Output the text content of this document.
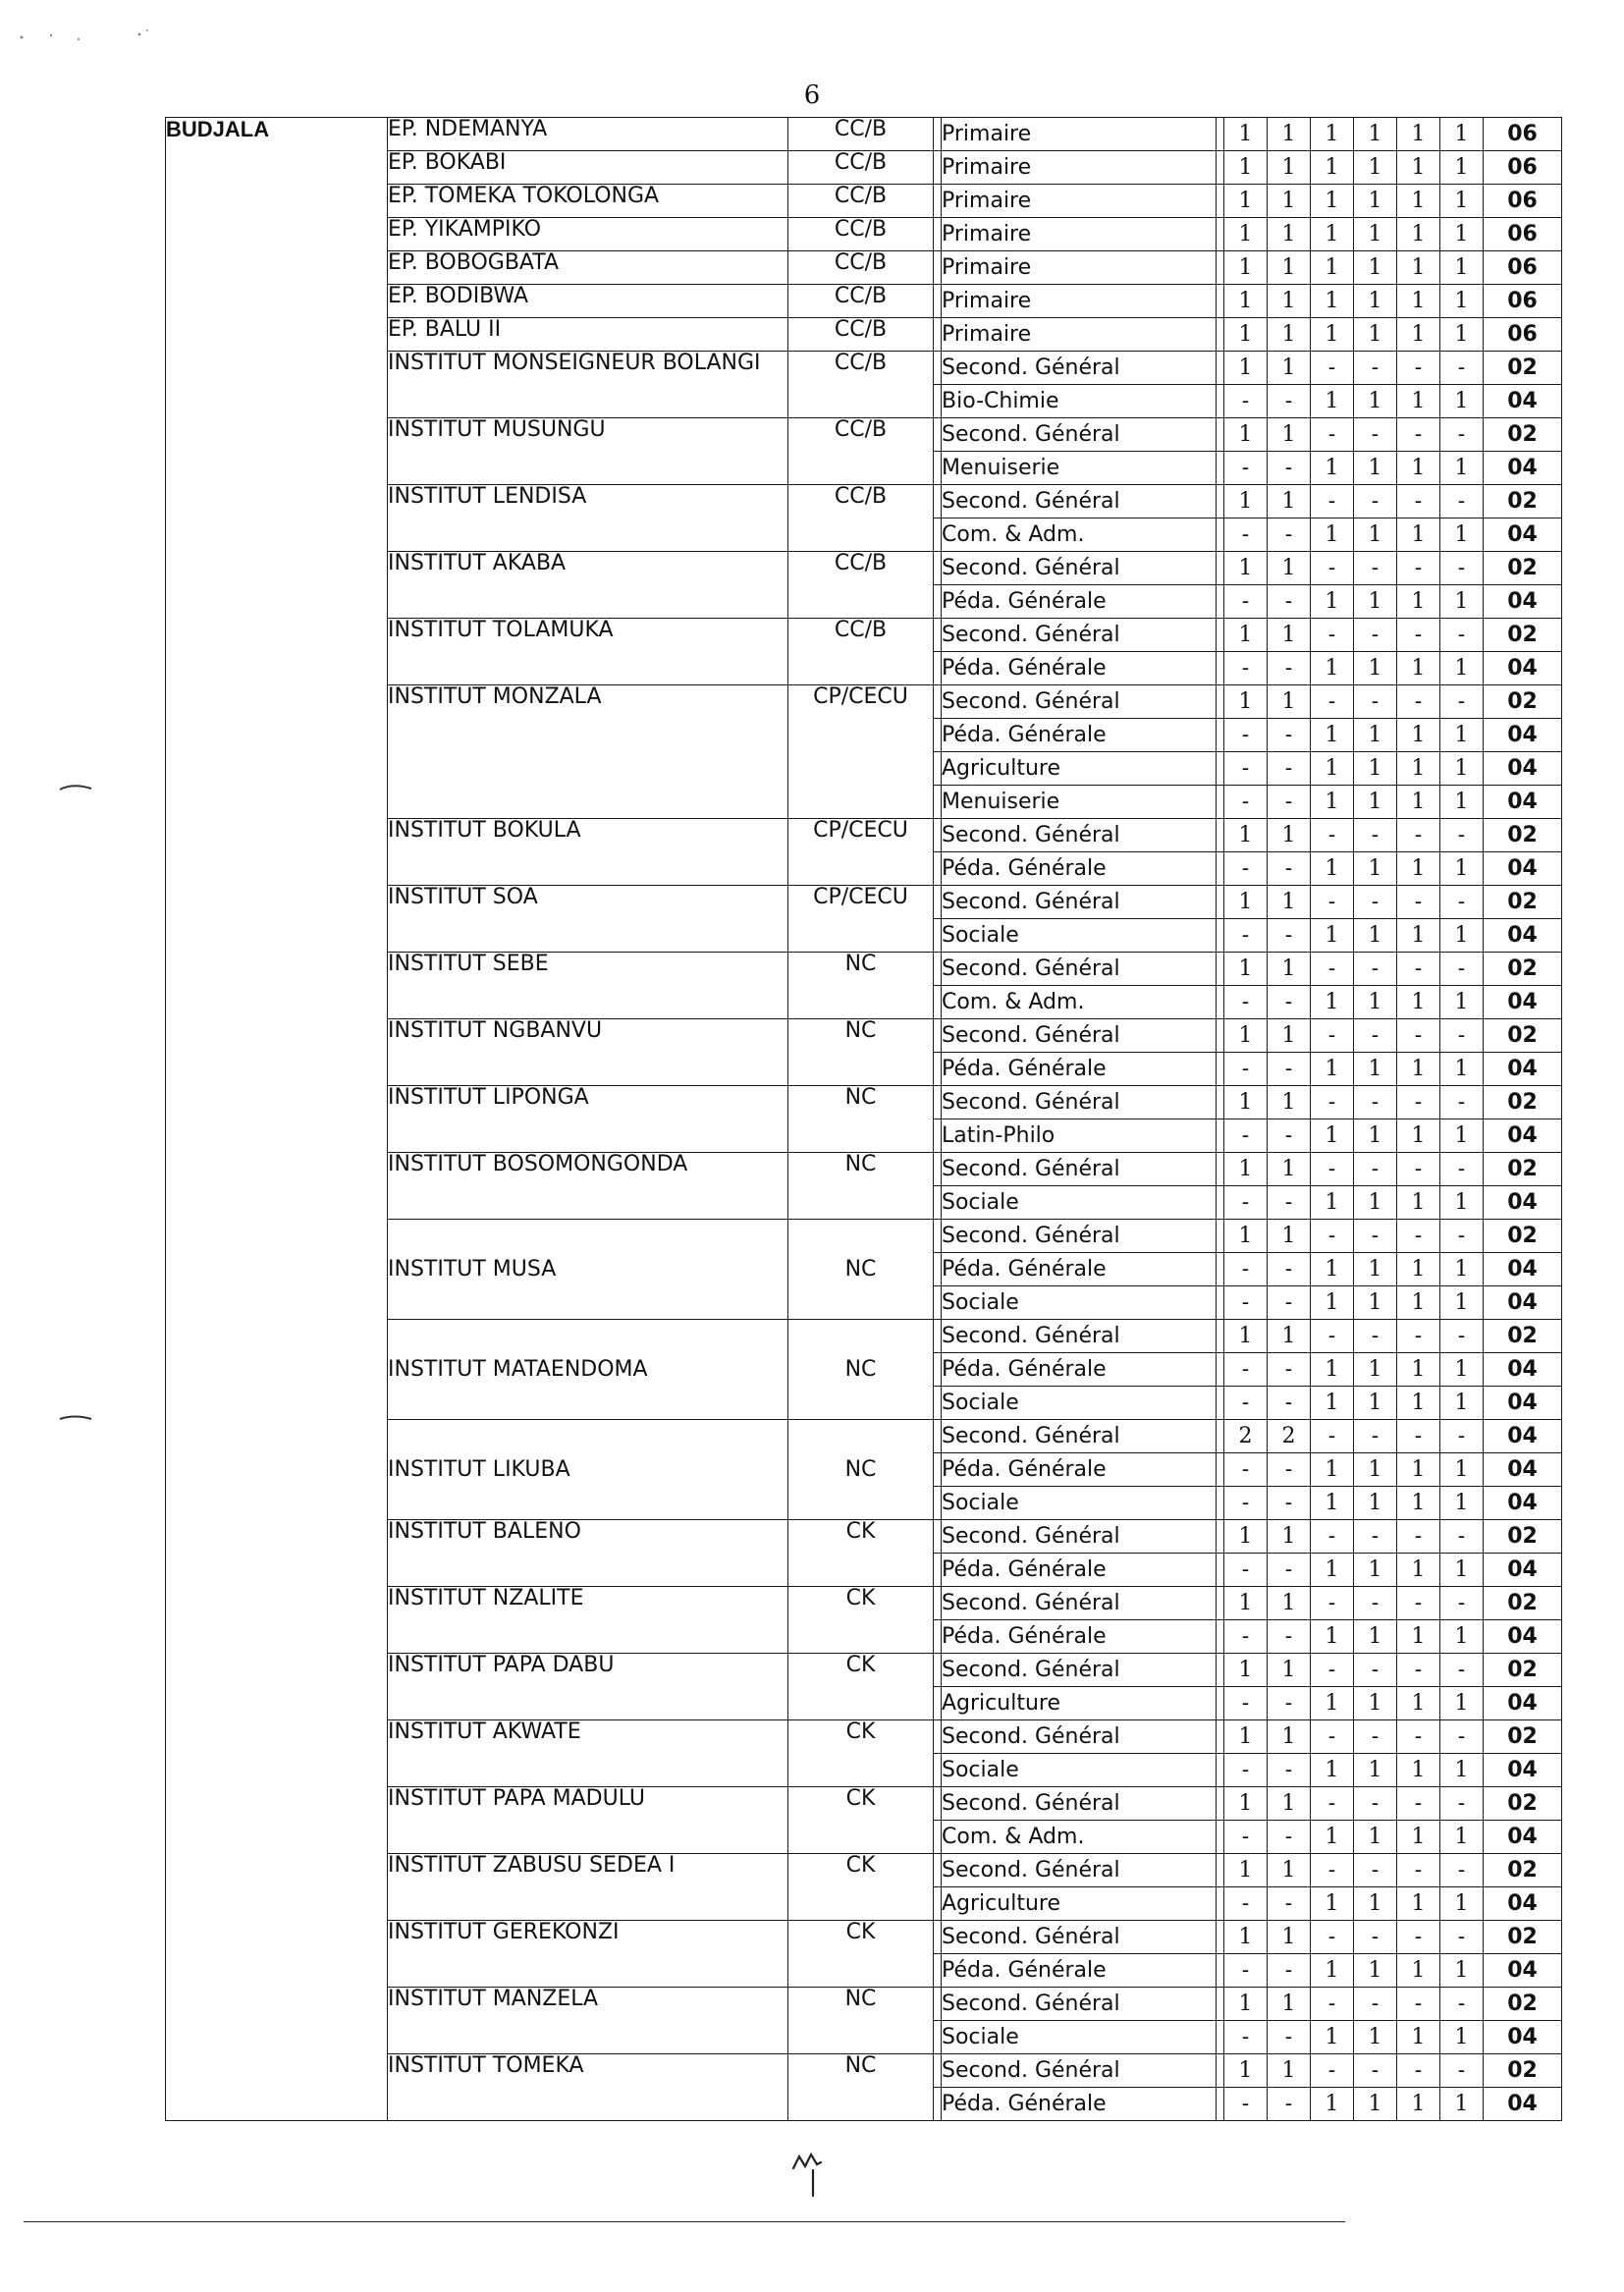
6
BUDJALA	EP. NDEMANYA	CC/B		Primaire		1	1	1	1	1	1	06
	EP. BOKABI	CC/B		Primaire		1	1	1	1	1	1	06
	EP. TOMEKA TOKOLONGA	CC/B		Primaire		1	1	1	1	1	1	06
	EP. YIKAMPIKO	CC/B		Primaire		1	1	1	1	1	1	06
	EP. BOBOGBATA	CC/B		Primaire		1	1	1	1	1	1	06
	EP. BODIBWA	CC/B		Primaire		1	1	1	1	1	1	06
	EP. BALU II	CC/B		Primaire		1	1	1	1	1	1	06
	INSTITUT MONSEIGNEUR BOLANGI	CC/B		Second. Général		1	1	-	-	-	-	02
				Bio-Chimie		-	-	1	1	1	1	04
	INSTITUT MUSUNGU	CC/B		Second. Général		1	1	-	-	-	-	02
				Menuiserie		-	-	1	1	1	1	04
	INSTITUT LENDISA	CC/B		Second. Général		1	1	-	-	-	-	02
				Com. & Adm.		-	-	1	1	1	1	04
	INSTITUT AKABA	CC/B		Second. Général		1	1	-	-	-	-	02
				Péda. Générale		-	-	1	1	1	1	04
	INSTITUT TOLAMUKA	CC/B		Second. Général		1	1	-	-	-	-	02
				Péda. Générale		-	-	1	1	1	1	04
	INSTITUT MONZALA	CP/CECU		Second. Général		1	1	-	-	-	-	02
				Péda. Générale		-	-	1	1	1	1	04
				Agriculture		-	-	1	1	1	1	04
				Menuiserie		-	-	1	1	1	1	04
	INSTITUT BOKULA	CP/CECU		Second. Général		1	1	-	-	-	-	02
				Péda. Générale		-	-	1	1	1	1	04
	INSTITUT SOA	CP/CECU		Second. Général		1	1	-	-	-	-	02
				Sociale		-	-	1	1	1	1	04
	INSTITUT SEBE	NC		Second. Général		1	1	-	-	-	-	02
				Com. & Adm.		-	-	1	1	1	1	04
	INSTITUT NGBANVU	NC		Second. Général		1	1	-	-	-	-	02
				Péda. Générale		-	-	1	1	1	1	04
	INSTITUT LIPONGA	NC		Second. Général		1	1	-	-	-	-	02
				Latin-Philo		-	-	1	1	1	1	04
	INSTITUT BOSOMONGONDA	NC		Second. Général		1	1	-	-	-	-	02
				Sociale		-	-	1	1	1	1	04
	INSTITUT MUSA	NC		Second. Général		1	1	-	-	-	-	02
				Péda. Générale		-	-	1	1	1	1	04
				Sociale		-	-	1	1	1	1	04
	INSTITUT MATAENDOMA	NC		Second. Général		1	1	-	-	-	-	02
				Péda. Générale		-	-	1	1	1	1	04
				Sociale		-	-	1	1	1	1	04
	INSTITUT LIKUBA	NC		Second. Général		2	2	-	-	-	-	04
				Péda. Générale		-	-	1	1	1	1	04
				Sociale		-	-	1	1	1	1	04
	INSTITUT BALENO	CK		Second. Général		1	1	-	-	-	-	02
				Péda. Générale		-	-	1	1	1	1	04
	INSTITUT NZALITE	CK		Second. Général		1	1	-	-	-	-	02
				Péda. Générale		-	-	1	1	1	1	04
	INSTITUT PAPA DABU	CK		Second. Général		1	1	-	-	-	-	02
				Agriculture		-	-	1	1	1	1	04
	INSTITUT AKWATE	CK		Second. Général		1	1	-	-	-	-	02
				Sociale		-	-	1	1	1	1	04
	INSTITUT PAPA MADULU	CK		Second. Général		1	1	-	-	-	-	02
				Com. & Adm.		-	-	1	1	1	1	04
	INSTITUT ZABUSU SEDEA I	CK		Second. Général		1	1	-	-	-	-	02
				Agriculture		-	-	1	1	1	1	04
	INSTITUT GEREKONZI	CK		Second. Général		1	1	-	-	-	-	02
				Péda. Générale		-	-	1	1	1	1	04
	INSTITUT MANZELA	NC		Second. Général		1	1	-	-	-	-	02
				Sociale		-	-	1	1	1	1	04
	INSTITUT TOMEKA	NC		Second. Général		1	1	-	-	-	-	02
				Péda. Générale		-	-	1	1	1	1	04
